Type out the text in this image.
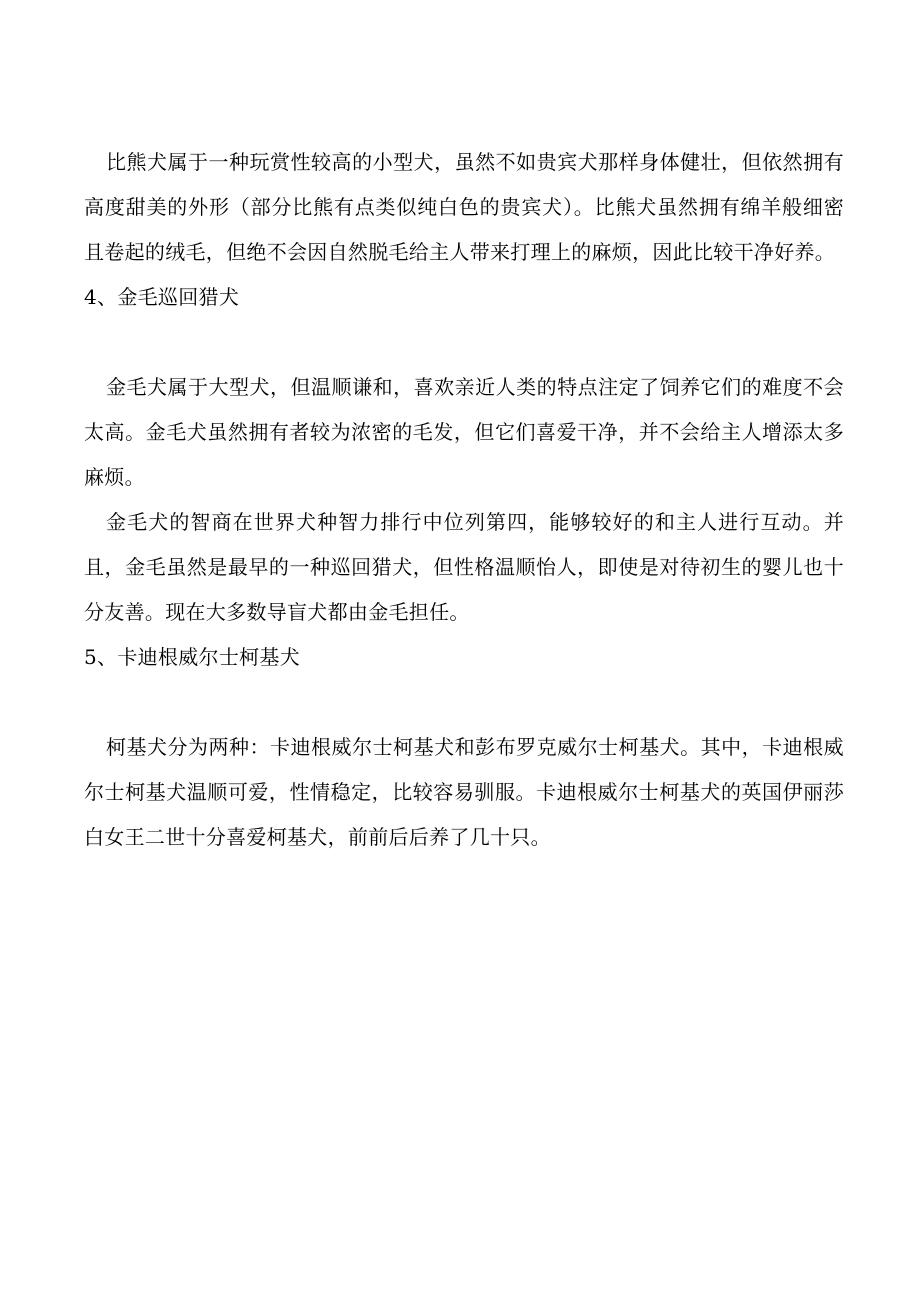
比熊犬属于一种玩赏性较高的小型犬，虽然不如贵宾犬那样身体健壮，但依然拥有高度甜美的外形（部分比熊有点类似纯白色的贵宾犬）。比熊犬虽然拥有绵羊般细密且卷起的绒毛，但绝不会因自然脱毛给主人带来打理上的麻烦，因此比较干净好养。

4、金毛巡回猎犬

金毛犬属于大型犬，但温顺谦和，喜欢亲近人类的特点注定了饲养它们的难度不会太高。金毛犬虽然拥有者较为浓密的毛发，但它们喜爱干净，并不会给主人增添太多麻烦。

金毛犬的智商在世界犬种智力排行中位列第四，能够较好的和主人进行互动。并且，金毛虽然是最早的一种巡回猎犬，但性格温顺怡人，即使是对待初生的婴儿也十分友善。现在大多数导盲犬都由金毛担任。

5、卡迪根威尔士柯基犬

柯基犬分为两种：卡迪根威尔士柯基犬和彭布罗克威尔士柯基犬。其中，卡迪根威尔士柯基犬温顺可爱，性情稳定，比较容易驯服。卡迪根威尔士柯基犬的英国伊丽莎白女王二世十分喜爱柯基犬，前前后后养了几十只。
